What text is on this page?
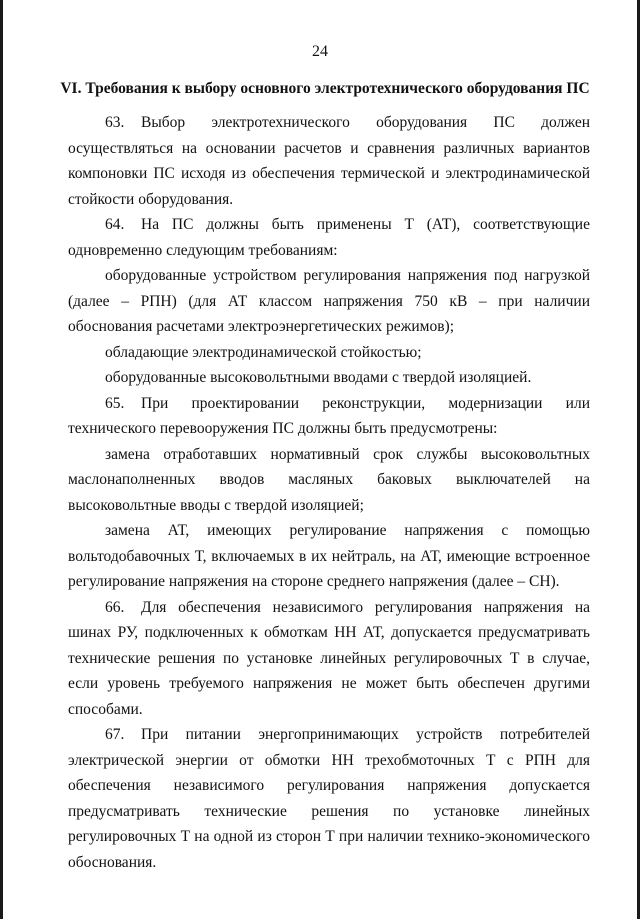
24
VI. Требования к выбору основного электротехнического оборудования ПС

63. Выбор электротехнического оборудования ПС должен осуществляться на основании расчетов и сравнения различных вариантов компоновки ПС исходя из обеспечения термической и электродинамической стойкости оборудования.

64. На ПС должны быть применены Т (АТ), соответствующие одновременно следующим требованиям:

оборудованные устройством регулирования напряжения под нагрузкой (далее – РПН) (для АТ классом напряжения 750 кВ – при наличии обоснования расчетами электроэнергетических режимов);

обладающие электродинамической стойкостью;

оборудованные высоковольтными вводами с твердой изоляцией.

65. При проектировании реконструкции, модернизации или технического перевооружения ПС должны быть предусмотрены:

замена отработавших нормативный срок службы высоковольтных маслонаполненных вводов масляных баковых выключателей на высоковольтные вводы с твердой изоляцией;

замена АТ, имеющих регулирование напряжения с помощью вольтодобавочных Т, включаемых в их нейтраль, на АТ, имеющие встроенное регулирование напряжения на стороне среднего напряжения (далее – СН).

66. Для обеспечения независимого регулирования напряжения на шинах РУ, подключенных к обмоткам НН АТ, допускается предусматривать технические решения по установке линейных регулировочных Т в случае, если уровень требуемого напряжения не может быть обеспечен другими способами.

67. При питании энергопринимающих устройств потребителей электрической энергии от обмотки НН трехобмоточных Т с РПН для обеспечения независимого регулирования напряжения допускается предусматривать технические решения по установке линейных регулировочных Т на одной из сторон Т при наличии технико-экономического обоснования.
